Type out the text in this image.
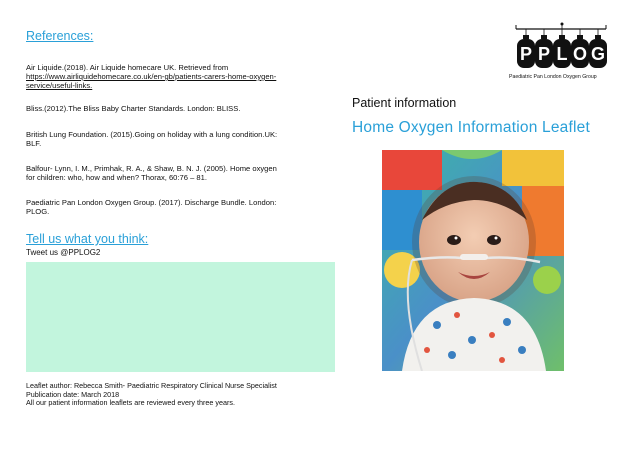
References:
Air Liquide.(2018). Air Liquide homecare UK. Retrieved from
https://www.airliquidehomecare.co.uk/en-gb/patients-carers-home-oxygen-service/useful-links.
Bliss.(2012).The Bliss Baby Charter Standards. London: BLISS.
British Lung Foundation. (2015).Going on holiday with a lung condition.UK: BLF.
Balfour- Lynn, I. M., Primhak, R. A., & Shaw, B. N. J. (2005). Home oxygen for children: who, how and when? Thorax, 60:76 – 81.
Paediatric Pan London Oxygen Group. (2017). Discharge Bundle. London: PLOG.
Tell us what you think:
Tweet us @PPLOG2
Leaflet author: Rebecca Smith- Paediatric Respiratory Clinical Nurse Specialist
Publication date: March 2018
All our patient information leaflets are reviewed every three years.
P P L O G
Paediatric Pan London Oxygen Group
Patient information
Home Oxygen Information Leaflet
